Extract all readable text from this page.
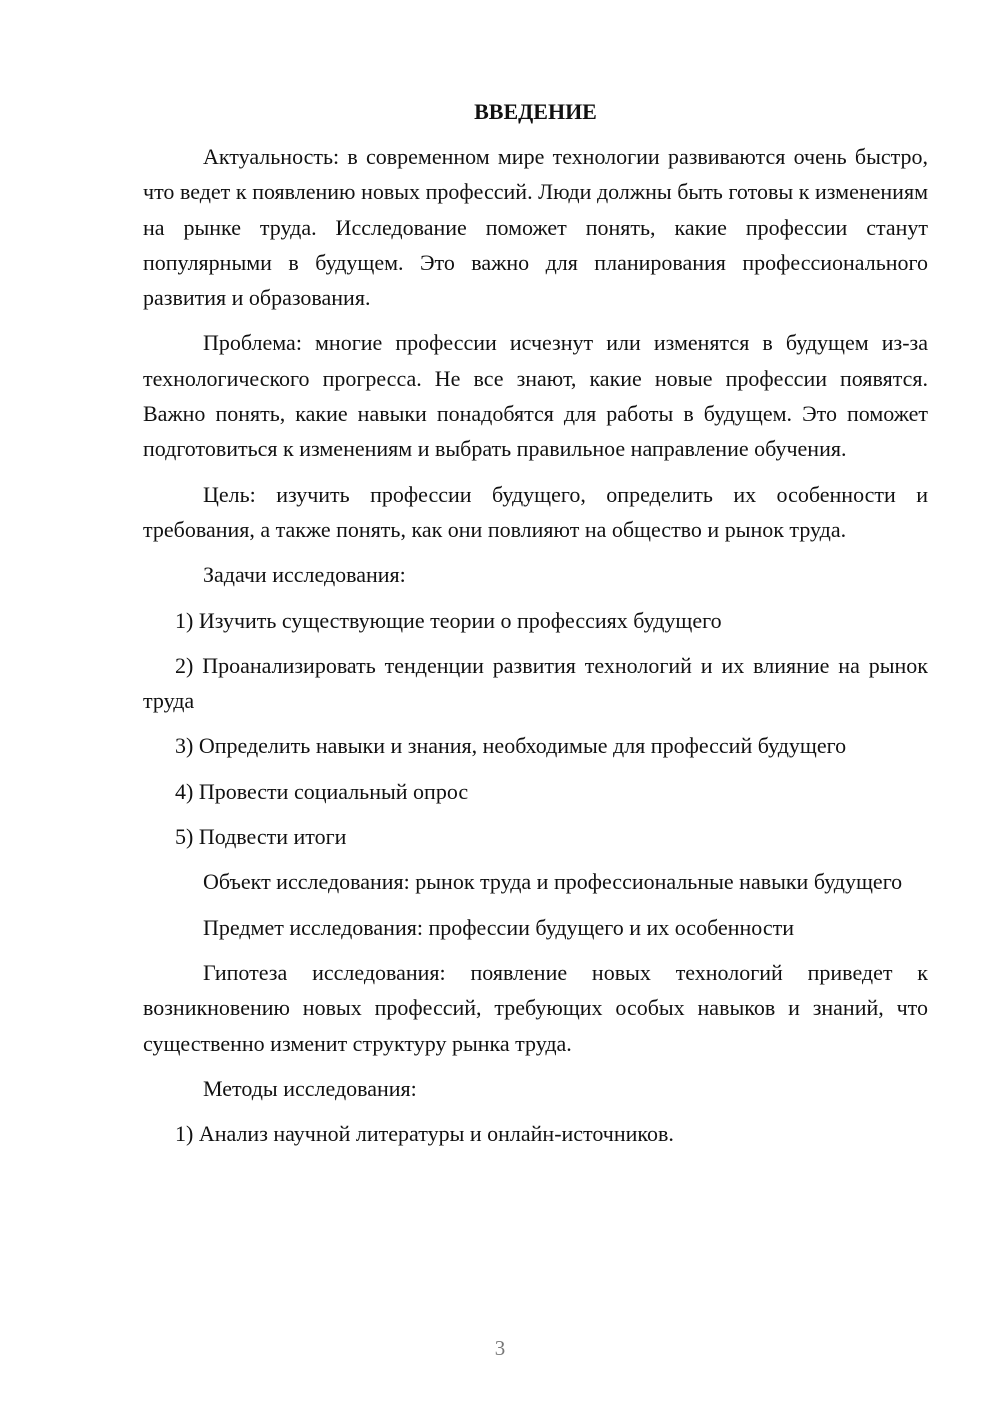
ВВЕДЕНИЕ

Актуальность: в современном мире технологии развиваются очень быстро, что ведет к появлению новых профессий. Люди должны быть готовы к изменениям на рынке труда. Исследование поможет понять, какие профессии станут популярными в будущем. Это важно для планирования профессионального развития и образования.

Проблема: многие профессии исчезнут или изменятся в будущем из-за технологического прогресса. Не все знают, какие новые профессии появятся. Важно понять, какие навыки понадобятся для работы в будущем. Это поможет подготовиться к изменениям и выбрать правильное направление обучения.

Цель: изучить профессии будущего, определить их особенности и требования, а также понять, как они повлияют на общество и рынок труда.

Задачи исследования:

1) Изучить существующие теории о профессиях будущего

2) Проанализировать тенденции развития технологий и их влияние на рынок труда

3) Определить навыки и знания, необходимые для профессий будущего

4) Провести социальный опрос

5) Подвести итоги

Объект исследования: рынок труда и профессиональные навыки будущего

Предмет исследования: профессии будущего и их особенности

Гипотеза исследования: появление новых технологий приведет к возникновению новых профессий, требующих особых навыков и знаний, что существенно изменит структуру рынка труда.

Методы исследования:

1) Анализ научной литературы и онлайн-источников.

3
